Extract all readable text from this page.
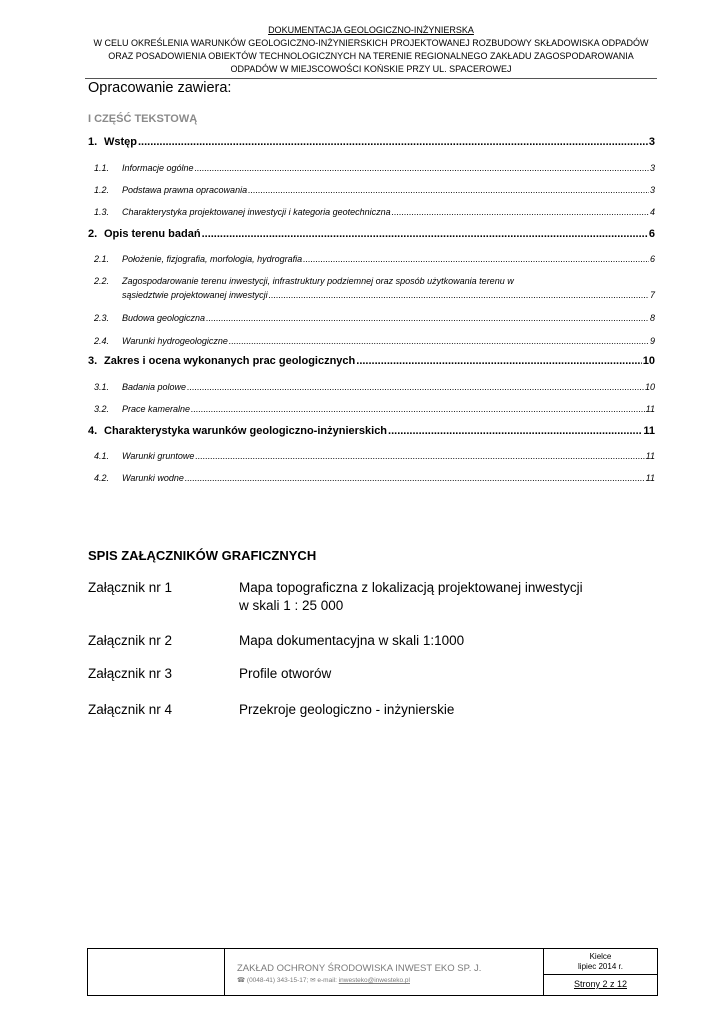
DOKUMENTACJA GEOLOGICZNO-INŻYNIERSKA
W CELU OKREŚLENIA WARUNKÓW GEOLOGICZNO-INŻYNIERSKICH PROJEKTOWANEJ ROZBUDOWY SKŁADOWISKA ODPADÓW
ORAZ POSADOWIENIA OBIEKTÓW TECHNOLOGICZNYCH NA TERENIE REGIONALNEGO ZAKŁADU ZAGOSPODAROWANIA
ODPADÓW W MIEJSCOWOŚCI KOŃSKIE PRZY UL. SPACEROWEJ
Opracowanie zawiera:
I CZĘŚĆ TEKSTOWĄ
1. Wstęp .....	3
1.1.	Informacje ogólne .....	3
1.2.	Podstawa prawna opracowania .....	3
1.3.	Charakterystyka projektowanej inwestycji i kategoria geotechniczna .....	4
2. Opis terenu badań .....	6
2.1.	Położenie, fizjografia, morfologia, hydrografia .....	6
2.2.	Zagospodarowanie terenu inwestycji, infrastruktury podziemnej oraz sposób użytkowania terenu w
sąsiedztwie projektowanej inwestycji .....	7
2.3.	Budowa geologiczna .....	8
2.4.	Warunki hydrogeologiczne .....	9
3. Zakres i ocena wykonanych prac geologicznych .....	10
3.1.	Badania polowe .....	10
3.2.	Prace kameralne .....	11
4. Charakterystyka warunków geologiczno-inżynierskich .....	11
4.1.	Warunki gruntowe .....	11
4.2.	Warunki wodne .....	11
SPIS ZAŁĄCZNIKÓW GRAFICZNYCH
Załącznik nr 1	Mapa topograficzna z lokalizacją projektowanej inwestycji
w skali 1 : 25 000
Załącznik nr 2	Mapa dokumentacyjna w skali 1:1000
Załącznik nr 3	Profile otworów
Załącznik nr 4	Przekroje geologiczno - inżynierskie
ZAKŁAD OCHRONY ŚRODOWISKA INWEST EKO SP. J.
☎ (0048-41) 343-15-17; ✉ e-mail: inwesteko@inwesteko.pl
Kielce
lipiec 2014 r.
Strony 2 z 12
